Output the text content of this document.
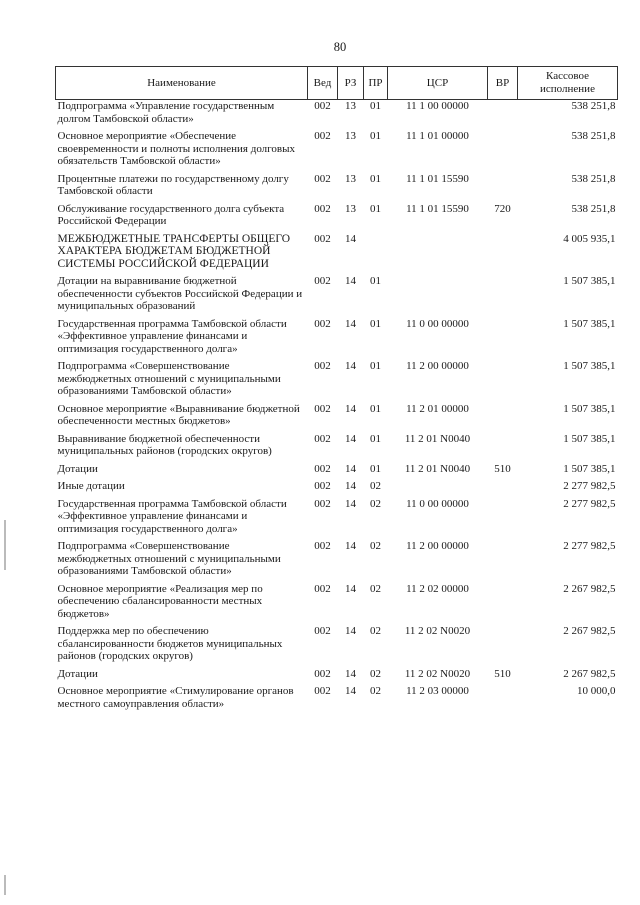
80
Наименование	Вед	РЗ	ПР	ЦСР	ВР	Кассовое исполнение
Подпрограмма «Управление государственным долгом Тамбовской области»	002	13	01	11 1 00 00000		538 251,8
Основное мероприятие «Обеспечение своевременности и полноты исполнения долговых обязательств Тамбовской области»	002	13	01	11 1 01 00000		538 251,8
Процентные платежи по государственному долгу Тамбовской области	002	13	01	11 1 01 15590		538 251,8
Обслуживание государственного долга субъекта Российской Федерации	002	13	01	11 1 01 15590	720	538 251,8
МЕЖБЮДЖЕТНЫЕ ТРАНСФЕРТЫ ОБЩЕГО ХАРАКТЕРА БЮДЖЕТАМ БЮДЖЕТНОЙ СИСТЕМЫ РОССИЙСКОЙ ФЕДЕРАЦИИ	002	14				4 005 935,1
Дотации на выравнивание бюджетной обеспеченности субъектов Российской Федерации и муниципальных образований	002	14	01			1 507 385,1
Государственная программа Тамбовской области «Эффективное управление финансами и оптимизация государственного долга»	002	14	01	11 0 00 00000		1 507 385,1
Подпрограмма «Совершенствование межбюджетных отношений с муниципальными образованиями Тамбовской области»	002	14	01	11 2 00 00000		1 507 385,1
Основное мероприятие «Выравнивание бюджетной обеспеченности местных бюджетов»	002	14	01	11 2 01 00000		1 507 385,1
Выравнивание бюджетной обеспеченности муниципальных районов (городских округов)	002	14	01	11 2 01 N0040		1 507 385,1
Дотации	002	14	01	11 2 01 N0040	510	1 507 385,1
Иные дотации	002	14	02			2 277 982,5
Государственная программа Тамбовской области «Эффективное управление финансами и оптимизация государственного долга»	002	14	02	11 0 00 00000		2 277 982,5
Подпрограмма «Совершенствование межбюджетных отношений с муниципальными образованиями Тамбовской области»	002	14	02	11 2 00 00000		2 277 982,5
Основное мероприятие «Реализация мер по обеспечению сбалансированности местных бюджетов»	002	14	02	11 2 02 00000		2 267 982,5
Поддержка мер по обеспечению сбалансированности бюджетов муниципальных районов (городских округов)	002	14	02	11 2 02 N0020		2 267 982,5
Дотации	002	14	02	11 2 02 N0020	510	2 267 982,5
Основное мероприятие «Стимулирование органов местного самоуправления области»	002	14	02	11 2 03 00000		10 000,0
